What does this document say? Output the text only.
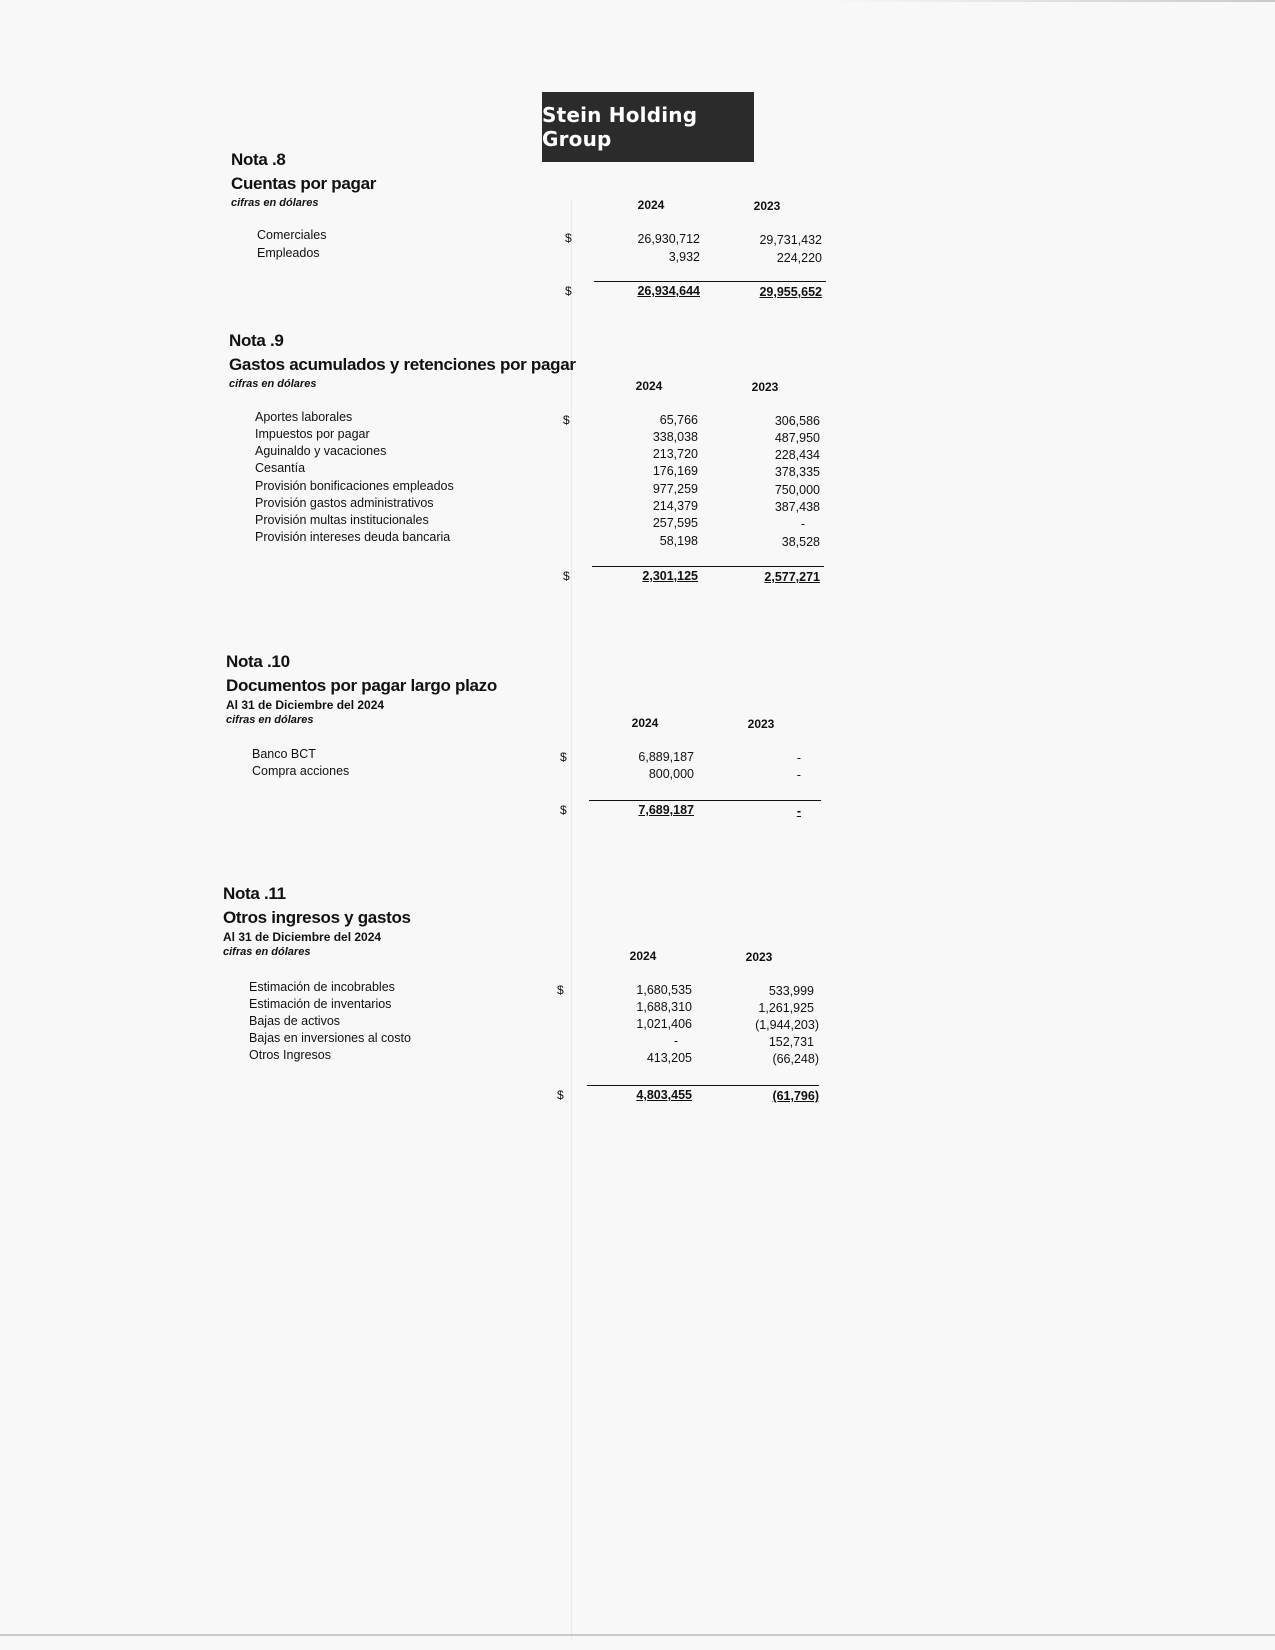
Stein Holding Group
Nota .8
Cuentas por pagar
cifras en dólares	2024	2023
Comerciales	$	26,930,712	29,731,432
Empleados	3,932	224,220
$	26,934,644	29,955,652
Nota .9
Gastos acumulados y retenciones por pagar
cifras en dólares	2024	2023
Aportes laborales	$	65,766	306,586
Impuestos por pagar	338,038	487,950
Aguinaldo y vacaciones	213,720	228,434
Cesantía	176,169	378,335
Provisión bonificaciones empleados	977,259	750,000
Provisión gastos administrativos	214,379	387,438
Provisión multas institucionales	257,595	-
Provisión intereses deuda bancaria	58,198	38,528
$	2,301,125	2,577,271
Nota .10
Documentos por pagar largo plazo
Al 31 de Diciembre del 2024
cifras en dólares	2024	2023
Banco BCT	$	6,889,187	-
Compra acciones	800,000	-
$	7,689,187	-
Nota .11
Otros ingresos y gastos
Al 31 de Diciembre del 2024
cifras en dólares	2024	2023
Estimación de incobrables	$	1,680,535	533,999
Estimación de inventarios	1,688,310	1,261,925
Bajas de activos	1,021,406	(1,944,203)
Bajas en inversiones al costo	-	152,731
Otros Ingresos	413,205	(66,248)
$	4,803,455	(61,796)
